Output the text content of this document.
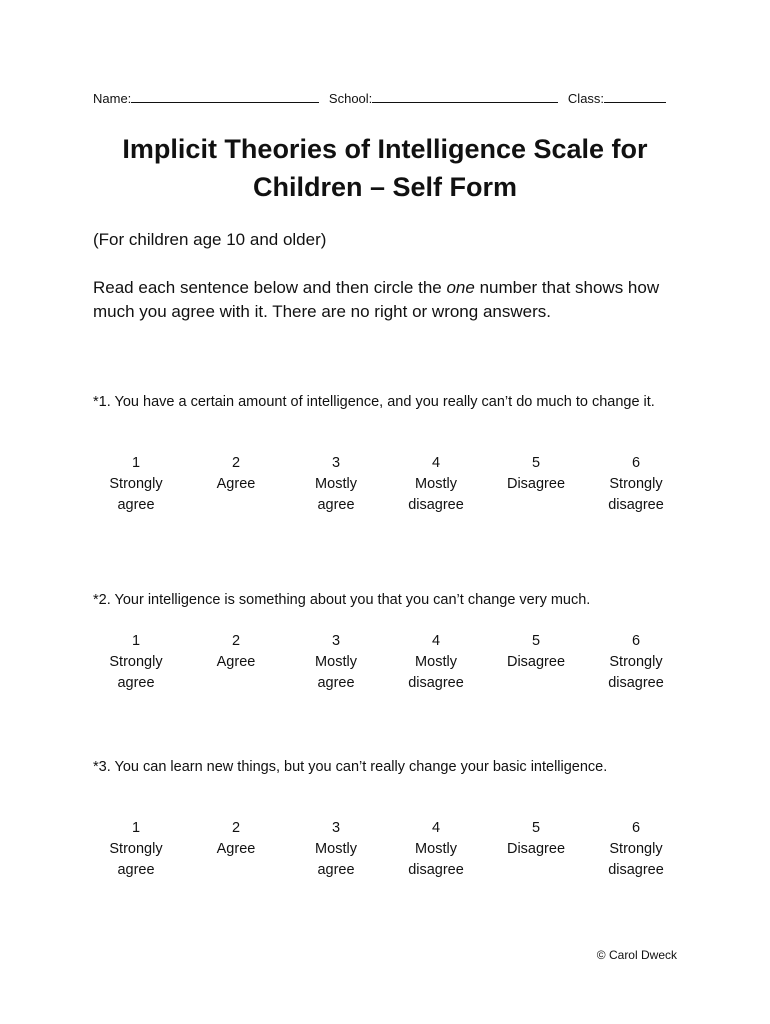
Name:	School:	Class:
Implicit Theories of Intelligence Scale for
Children – Self Form
(For children age 10 and older)
Read each sentence below and then circle the one number that shows how much you agree with it. There are no right or wrong answers.
*1. You have a certain amount of intelligence, and you really can’t do much to change it.
1
Strongly
agree
2
Agree

3
Mostly
agree
4
Mostly
disagree
5
Disagree

6
Strongly
disagree
*2. Your intelligence is something about you that you can’t change very much.
1
Strongly
agree
2
Agree

3
Mostly
agree
4
Mostly
disagree
5
Disagree

6
Strongly
disagree
*3. You can learn new things, but you can’t really change your basic intelligence.
1
Strongly
agree
2
Agree

3
Mostly
agree
4
Mostly
disagree
5
Disagree

6
Strongly
disagree
© Carol Dweck
